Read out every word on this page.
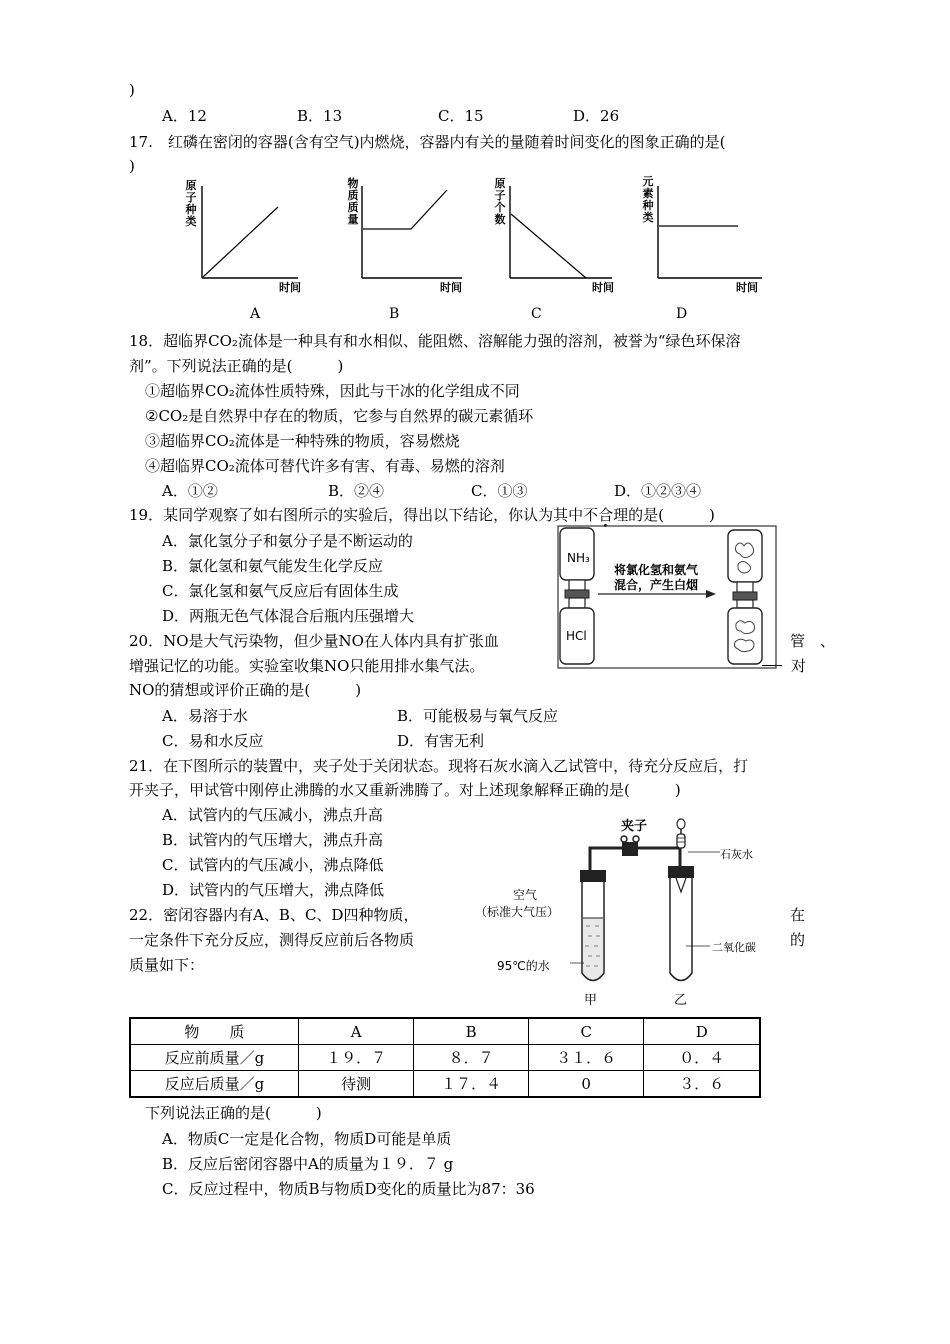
)
A．12	B．13	C．15	D．26
17.　红磷在密闭的容器(含有空气)内燃烧，容器内有关的量随着时间变化的图象正确的是(
)
原子种类
时间
A
物质质量
时间
B
原子个数
时间
C
元素种类
时间
D
18．超临界CO₂流体是一种具有和水相似、能阻燃、溶解能力强的溶剂，被誉为“绿色环保溶
剂”。下列说法正确的是(　　　)
①超临界CO₂流体性质特殊，因此与干冰的化学组成不同
②CO₂是自然界中存在的物质，它参与自然界的碳元素循环
③超临界CO₂流体是一种特殊的物质，容易燃烧
④超临界CO₂流体可替代许多有害、有毒、易燃的溶剂
A．①②	B．②④	C．①③	D．①②③④
19．某同学观察了如右图所示的实验后，得出以下结论，你认为其中不合理的是(　　　)
A．氯化氢分子和氨分子是不断运动的
B．氯化氢和氨气能发生化学反应
C．氯化氢和氨气反应后有固体生成
D．两瓶无色气体混合后瓶内压强增大
NH₃
HCl
将氯化氢和氨气
混合，产生白烟
20．NO是大气污染物，但少量NO在人体内具有扩张血	管　、
增强记忆的功能。实验室收集NO只能用排水集气法。	对
NO的猜想或评价正确的是(　　　)
A．易溶于水	B．可能极易与氧气反应
C．易和水反应	D．有害无利
21．在下图所示的装置中，夹子处于关闭状态。现将石灰水滴入乙试管中，待充分反应后，打
开夹子，甲试管中刚停止沸腾的水又重新沸腾了。对上述现象解释正确的是(　　　)
A．试管内的气压减小，沸点升高
B．试管内的气压增大，沸点升高
C．试管内的气压减小，沸点降低
D．试管内的气压增大，沸点降低
夹子
石灰水
空气
（标准大气压）
二氧化碳
95℃的水
甲	乙
22．密闭容器内有A、B、C、D四种物质，	在
一定条件下充分反应，测得反应前后各物质	的
质量如下：
物　　质	A	B	C	D
反应前质量／g	１９．７	８．７	３１．６	０．４
反应后质量／g	待测	１７．４	0	３．６
下列说法正确的是(　　　)
A．物质C一定是化合物，物质D可能是单质
B．反应后密闭容器中A的质量为１９．７ g
C．反应过程中，物质B与物质D变化的质量比为87：36
